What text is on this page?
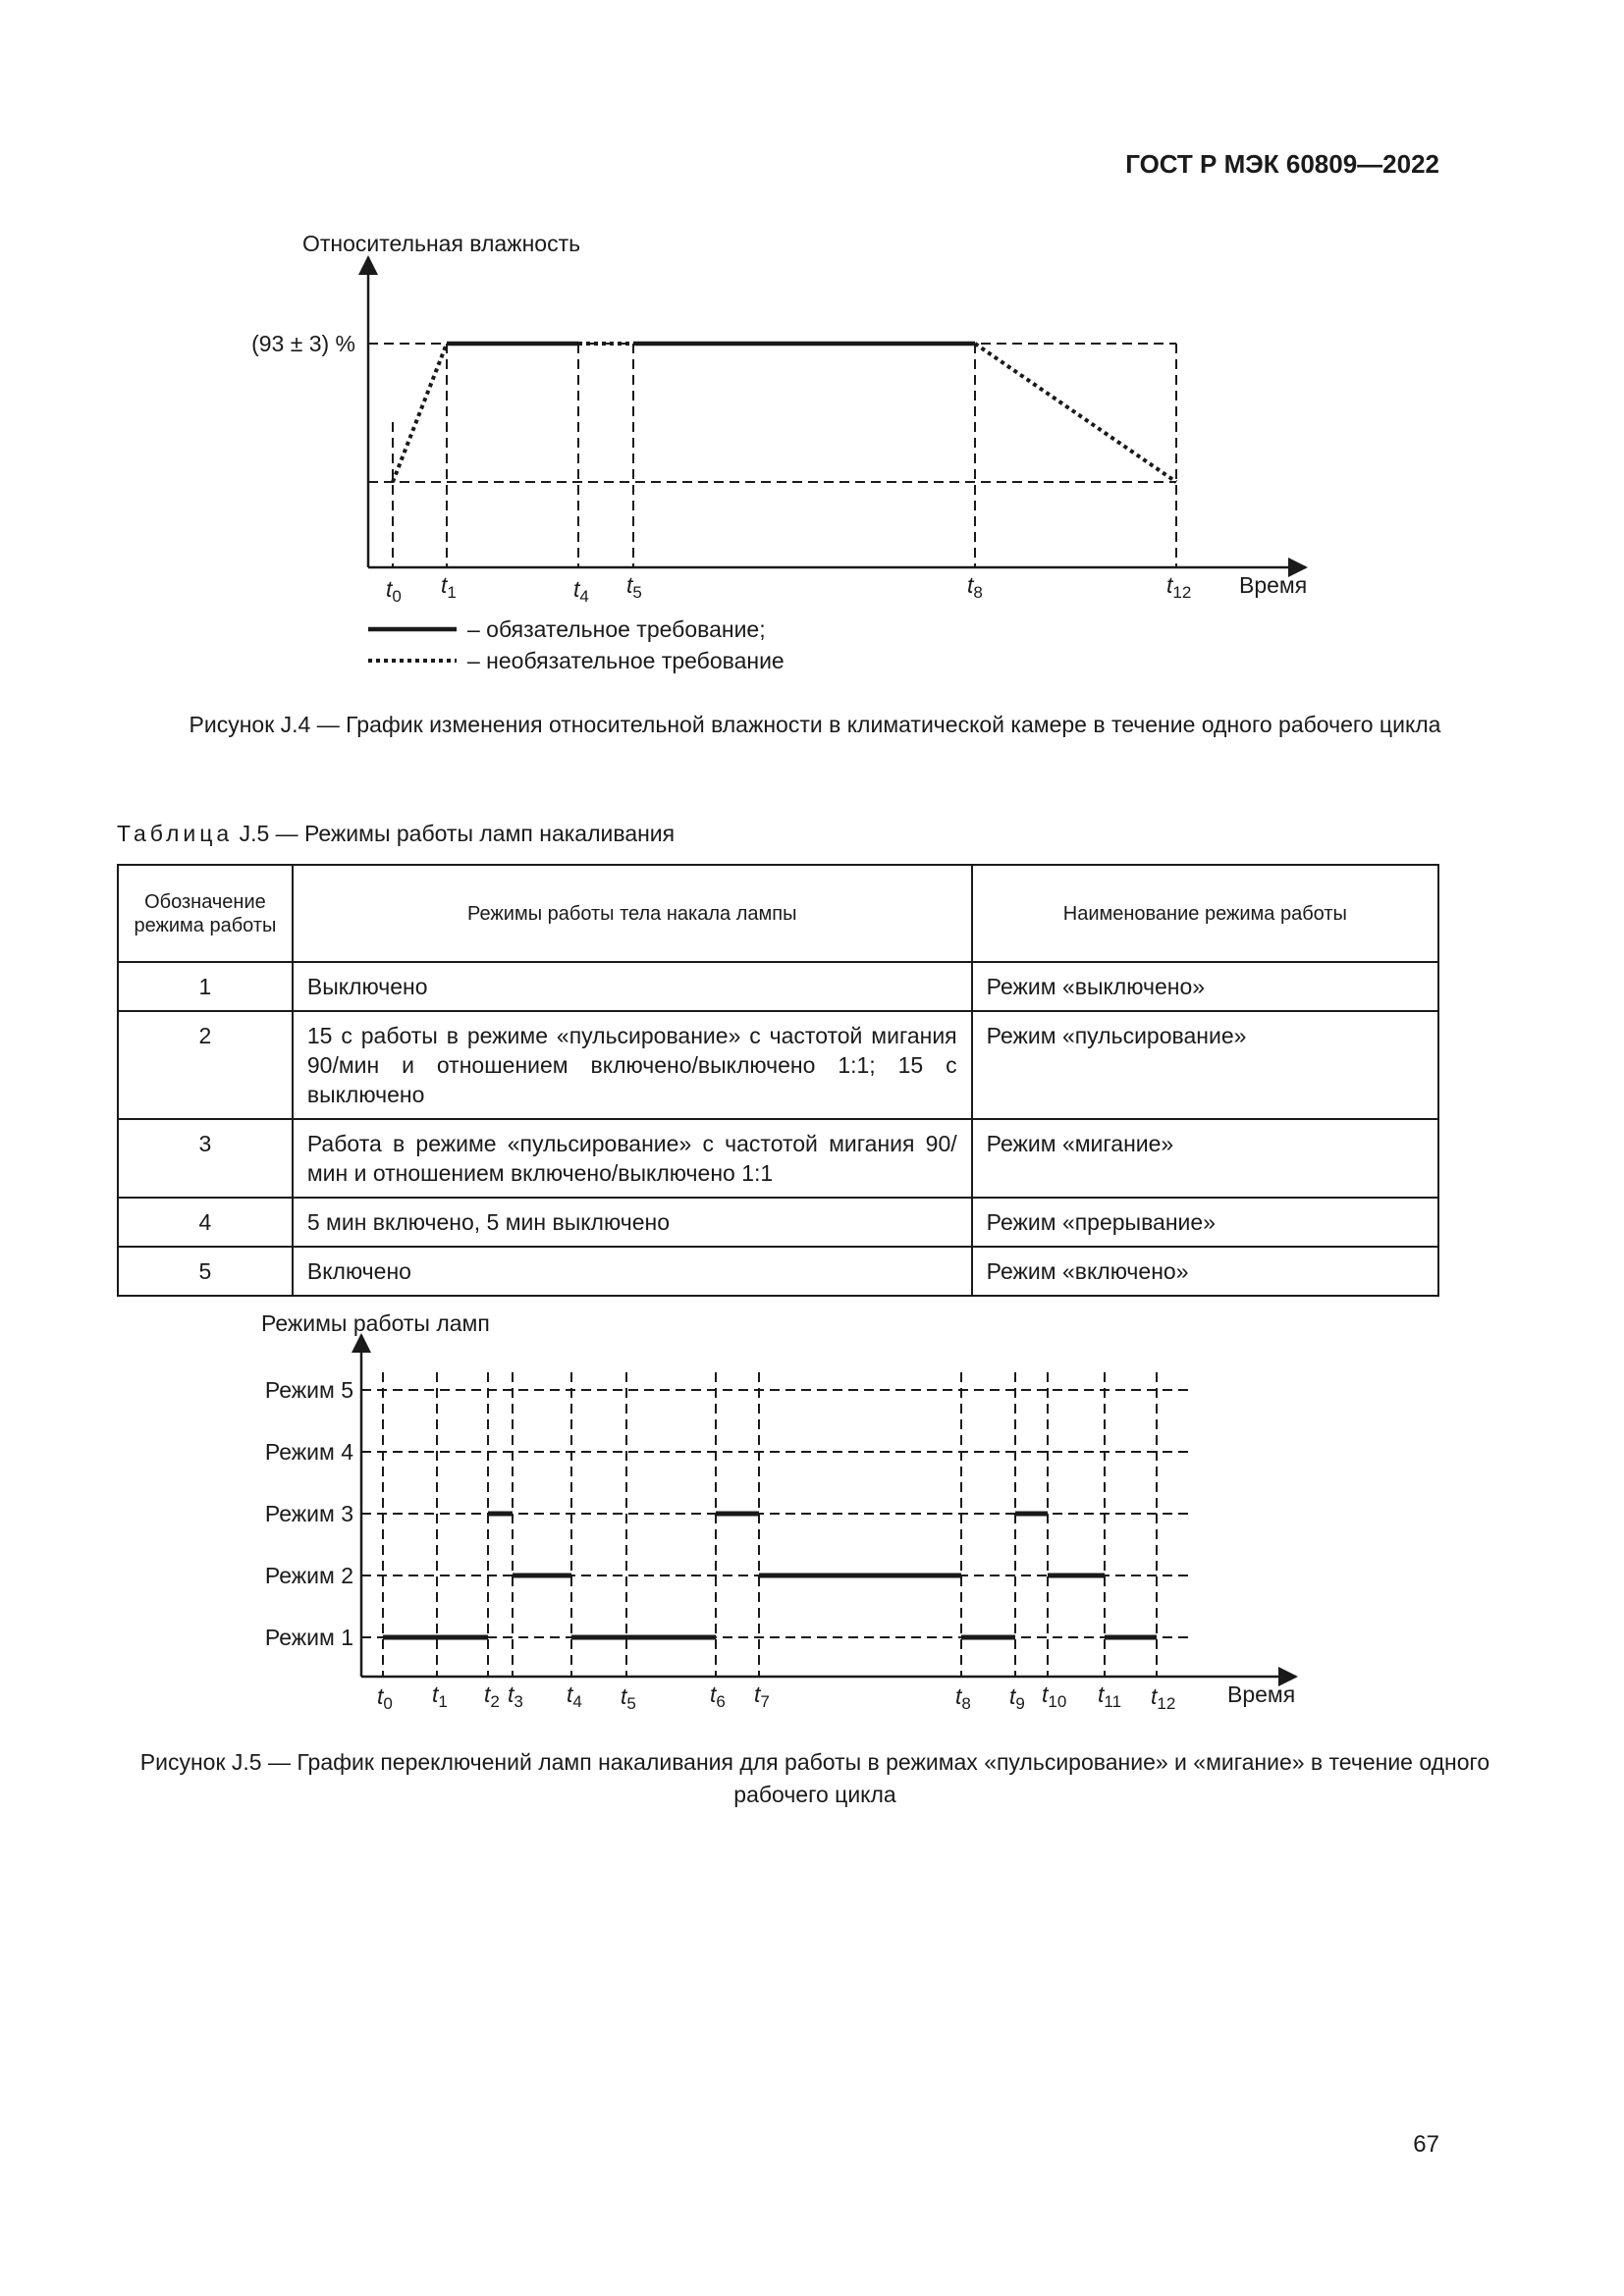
ГОСТ Р МЭК 60809—2022
Относительная влажность
(93 ± 3) %
Время
– обязательное требование;
– необязательное требование
$t_0$ $t_1$	$t_4$ $t_5$	$t_8$	$t_{12}$
Рисунок J.4 — График изменения относительной влажности в климатической камере в течение одного рабочего цикла
Таблица J.5 — Режимы работы ламп накаливания
Обозначение режима работы	Режимы работы тела накала лампы	Наименование режима работы
1	Выключено	Режим «выключено»
2	15 с работы в режиме «пульсирование» с частотой мигания 90/мин и отношением включено/выключено 1:1; 15 с выключено	Режим «пульсирование»
3	Работа в режиме «пульсирование» с частотой мигания 90/мин и отношением включено/выключено 1:1	Режим «мигание»
4	5 мин включено, 5 мин выключено	Режим «прерывание»
5	Включено	Режим «включено»
Режимы работы ламп
Режим 5
Режим 4
Режим 3
Режим 2
Режим 1
Время
$t_0$ $t_1$ $t_2$ $t_3$ $t_4$ $t_5$	$t_6$ $t_7$	$t_8$ $t_9$ $t_{10}$ $t_{11}$ $t_{12}$
Рисунок J.5 — График переключений ламп накаливания для работы в режимах «пульсирование» и «мигание» в течение одного рабочего цикла
67
